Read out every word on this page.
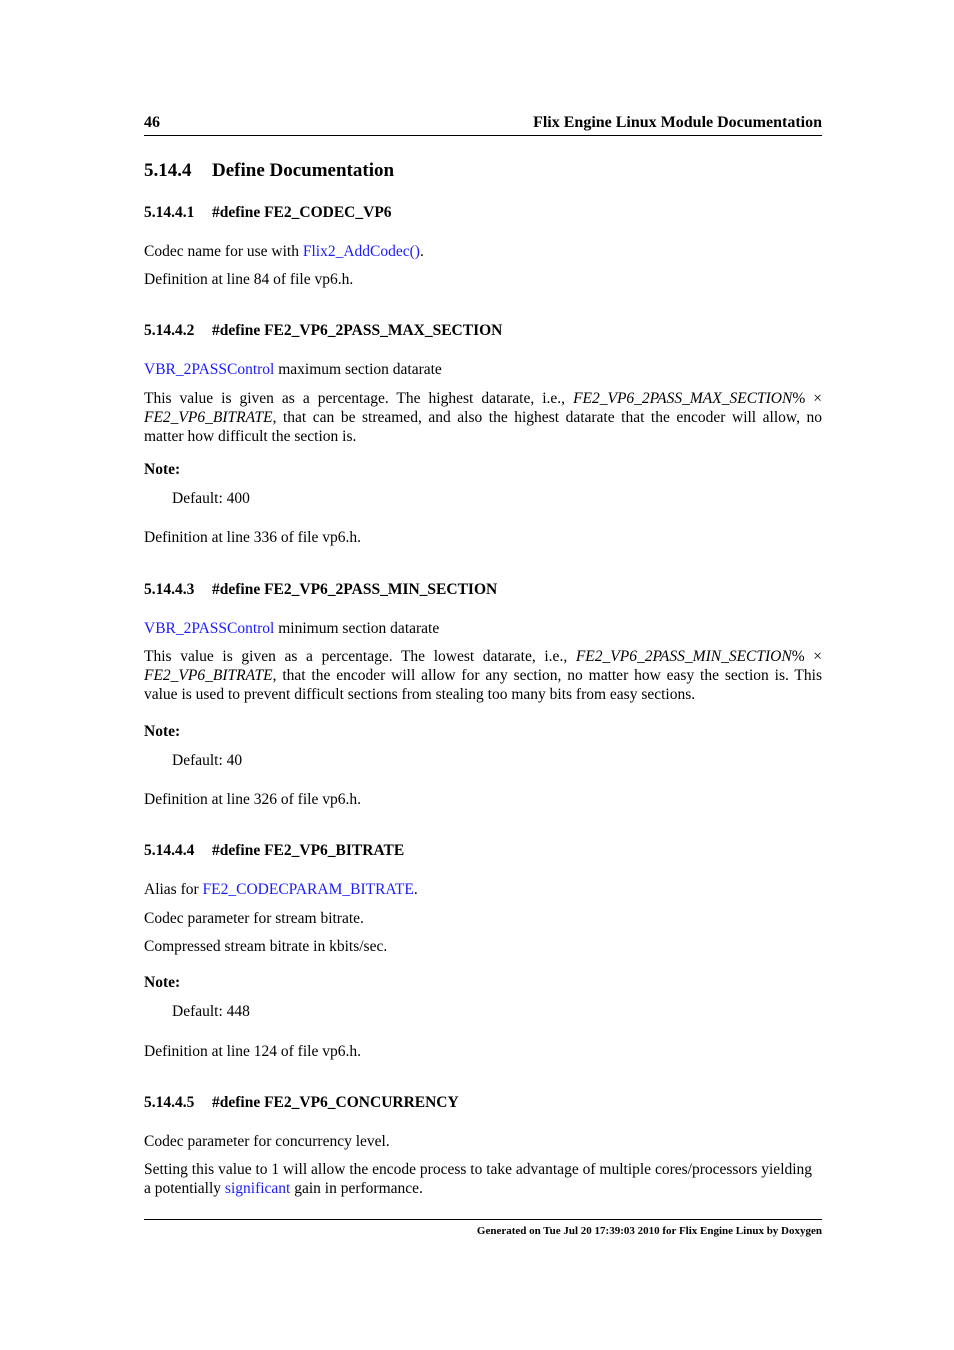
46	Flix Engine Linux Module Documentation
5.14.4 Define Documentation
5.14.4.1 #define FE2_CODEC_VP6
Codec name for use with Flix2_AddCodec().
Definition at line 84 of file vp6.h.
5.14.4.2 #define FE2_VP6_2PASS_MAX_SECTION
VBR_2PASSControl maximum section datarate
This value is given as a percentage. The highest datarate, i.e., FE2_VP6_2PASS_MAX_SECTION% × FE2_VP6_BITRATE, that can be streamed, and also the highest datarate that the encoder will allow, no matter how difficult the section is.
Note:
Default: 400
Definition at line 336 of file vp6.h.
5.14.4.3 #define FE2_VP6_2PASS_MIN_SECTION
VBR_2PASSControl minimum section datarate
This value is given as a percentage. The lowest datarate, i.e., FE2_VP6_2PASS_MIN_SECTION% × FE2_VP6_BITRATE, that the encoder will allow for any section, no matter how easy the section is. This value is used to prevent difficult sections from stealing too many bits from easy sections.
Note:
Default: 40
Definition at line 326 of file vp6.h.
5.14.4.4 #define FE2_VP6_BITRATE
Alias for FE2_CODECPARAM_BITRATE.
Codec parameter for stream bitrate.
Compressed stream bitrate in kbits/sec.
Note:
Default: 448
Definition at line 124 of file vp6.h.
5.14.4.5 #define FE2_VP6_CONCURRENCY
Codec parameter for concurrency level.
Setting this value to 1 will allow the encode process to take advantage of multiple cores/processors yielding a potentially significant gain in performance.
Generated on Tue Jul 20 17:39:03 2010 for Flix Engine Linux by Doxygen
